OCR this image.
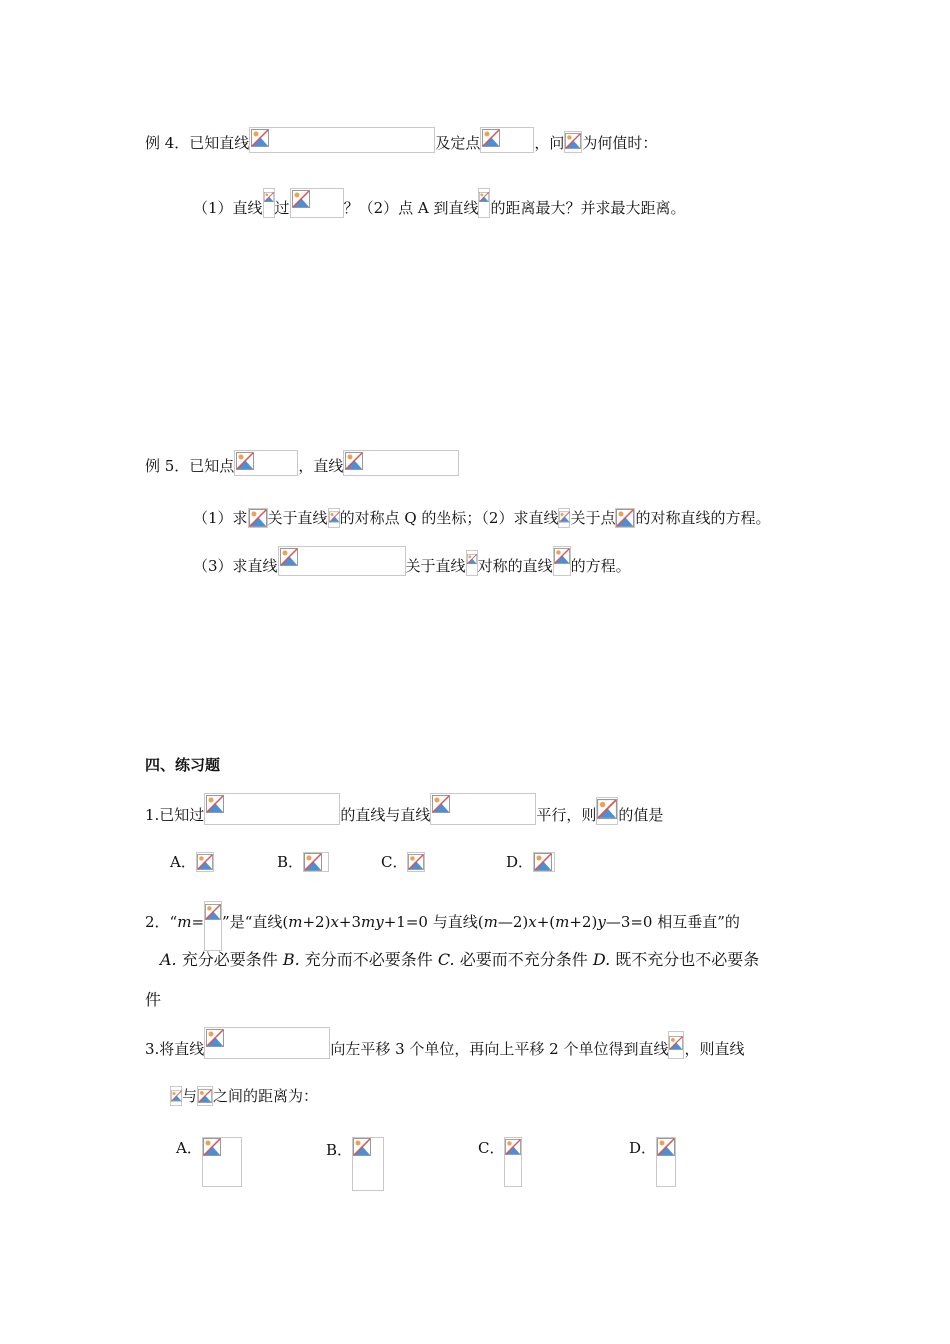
例 4．已知直线	及定点	，问 为何值时：
（1）直线 过	？（2）点 A 到直线 的距离最大？并求最大距离。
例 5．已知点	，直线
（1）求 关于直线 的对称点 Q 的坐标；（2）求直线 关于点 的对称直线的方程。
（3）求直线	关于直线 对称的直线 的方程。
四、练习题
1.已知过	的直线与直线	平行，则 的值是
A．	B．	C．	D．
2．“m= ”是“直线(m+2)x+3my+1=0 与直线(m—2)x+(m+2)y—3=0 相互垂直”的
A. 充分必要条件 B. 充分而不必要条件 C. 必要而不充分条件 D. 既不充分也不必要条
件
3.将直线	向左平移 3 个单位，再向上平移 2 个单位得到直线 ，则直线
与 之间的距离为：
A．	B．	C．	D．
